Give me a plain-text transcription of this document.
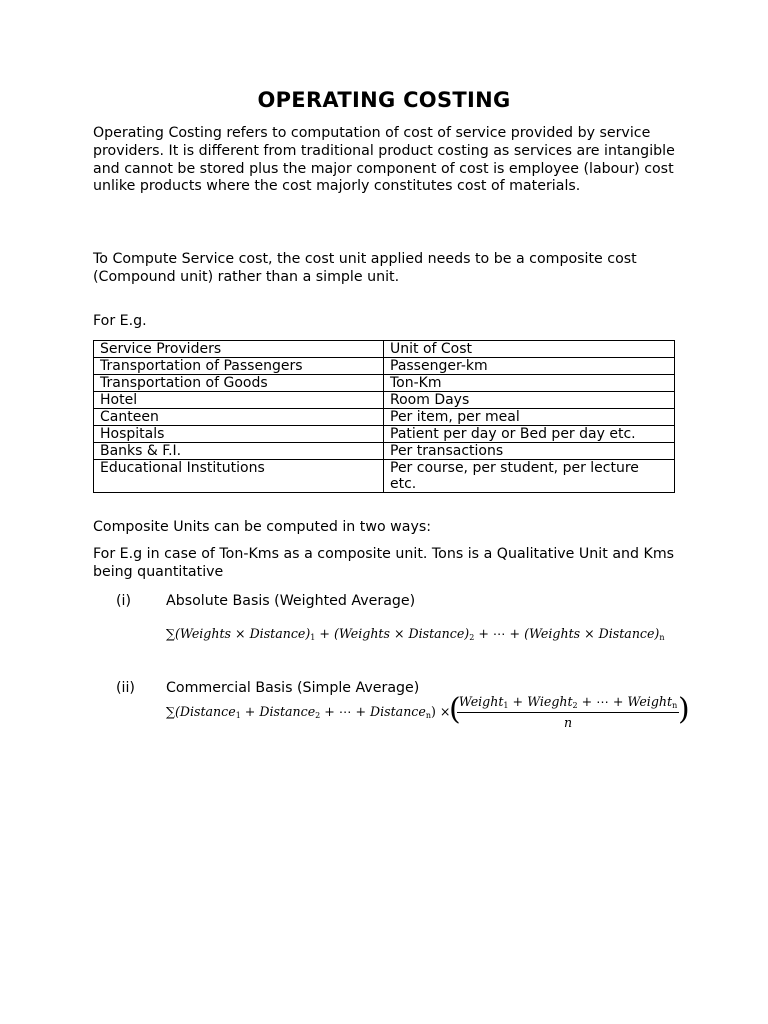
OPERATING COSTING
Operating Costing refers to computation of cost of service provided by service providers. It is different from traditional product costing as services are intangible and cannot be stored plus the major component of cost is employee (labour) cost unlike products where the cost majorly constitutes cost of materials.
To Compute Service cost, the cost unit applied needs to be a composite cost (Compound unit) rather than a simple unit.
For E.g.
Service Providers	Unit of Cost
Transportation of Passengers	Passenger-km
Transportation of Goods	Ton-Km
Hotel	Room Days
Canteen	Per item, per meal
Hospitals	Patient per day or Bed per day etc.
Banks & F.I.	Per transactions
Educational Institutions	Per course, per student, per lecture etc.
Composite Units can be computed in two ways:
For E.g in case of Ton-Kms as a composite unit. Tons is a Qualitative Unit and Kms being quantitative
(i) Absolute Basis (Weighted Average)
∑(Weights × $Distance)_1$ + (Weights × $Distance)_2$ + ⋯ + (Weights × $Distance)_n$
(ii) Commercial Basis (Simple Average)
∑(Distance$_1$ + Distance$_2$ + ⋯ + Distance$_n$) ×
(
Weight$_1$ + Wieght$_2$ + ⋯ + Weight$_n$
n	)
